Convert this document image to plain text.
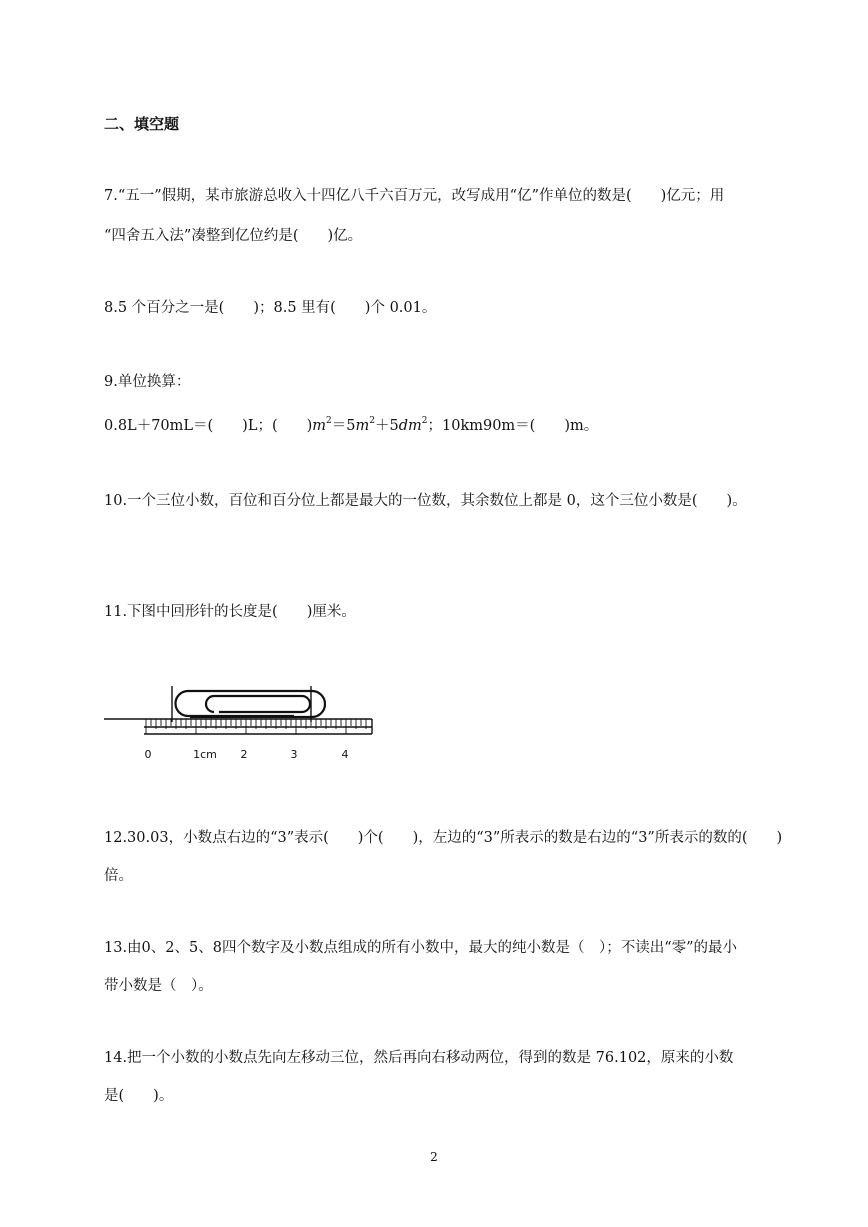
二、填空题
7.“五一”假期，某市旅游总收入十四亿八千六百万元，改写成用“亿”作单位的数是(　　)亿元；用
“四舍五入法”凑整到亿位约是(　　)亿。
8.5 个百分之一是(　　)；8.5 里有(　　)个 0.01。
9.单位换算：
0.8L＋70mL＝(　　)L；(　　)$m^2=5m^2+5dm^2$；10km90m＝(　　)m。
10.一个三位小数，百位和百分位上都是最大的一位数，其余数位上都是 0，这个三位小数是(　　)。
11.下图中回形针的长度是(　　)厘米。
0	1cm 2	3	4
12.30.03，小数点右边的“3”表示(　　)个(　　)，左边的“3”所表示的数是右边的“3”所表示的数的(　　)
倍。
13.由0、2、5、8四个数字及小数点组成的所有小数中，最大的纯小数是（　）；不读出“零”的最小
带小数是（　）。
14.把一个小数的小数点先向左移动三位，然后再向右移动两位，得到的数是 76.102，原来的小数
是(　　)。
2
